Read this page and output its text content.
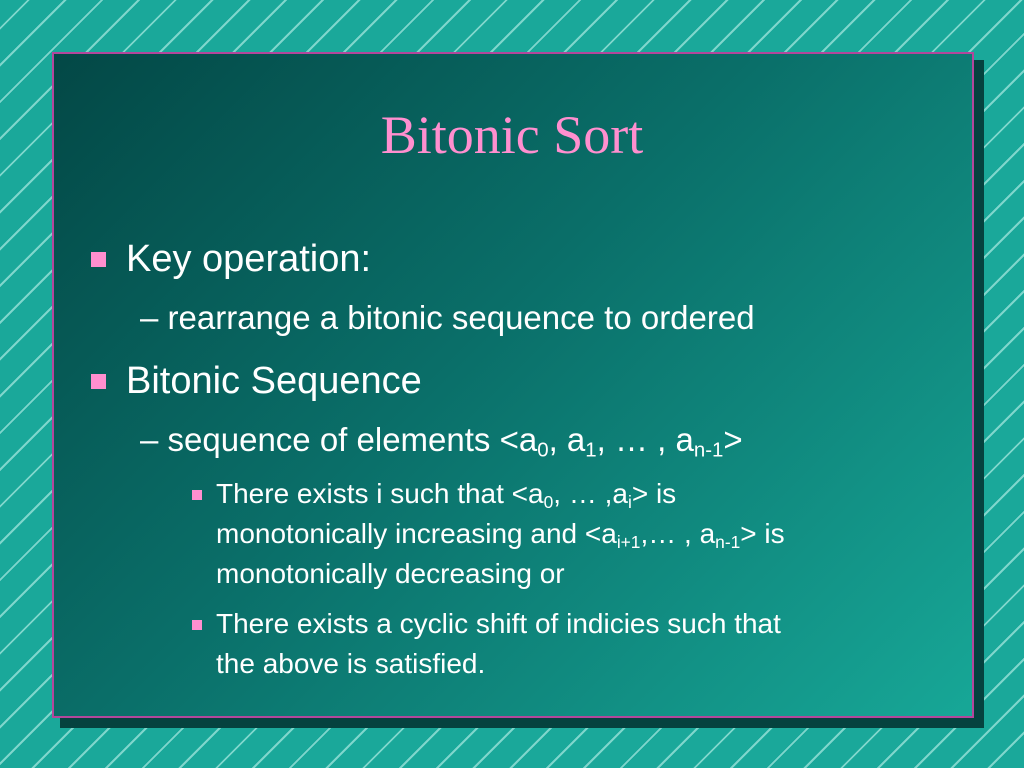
Bitonic Sort
Key operation:
– rearrange a bitonic sequence to ordered
Bitonic Sequence
– sequence of elements $<a_0$, $a_1$, … , $a_{n-1}>$
There exists i such that $<a_0$, … $,a_i>$ is
monotonically increasing and $<a_{i+1},\dots$ , $a_{n-1}>$ is
monotonically decreasing or
There exists a cyclic shift of indicies such that
the above is satisfied.
